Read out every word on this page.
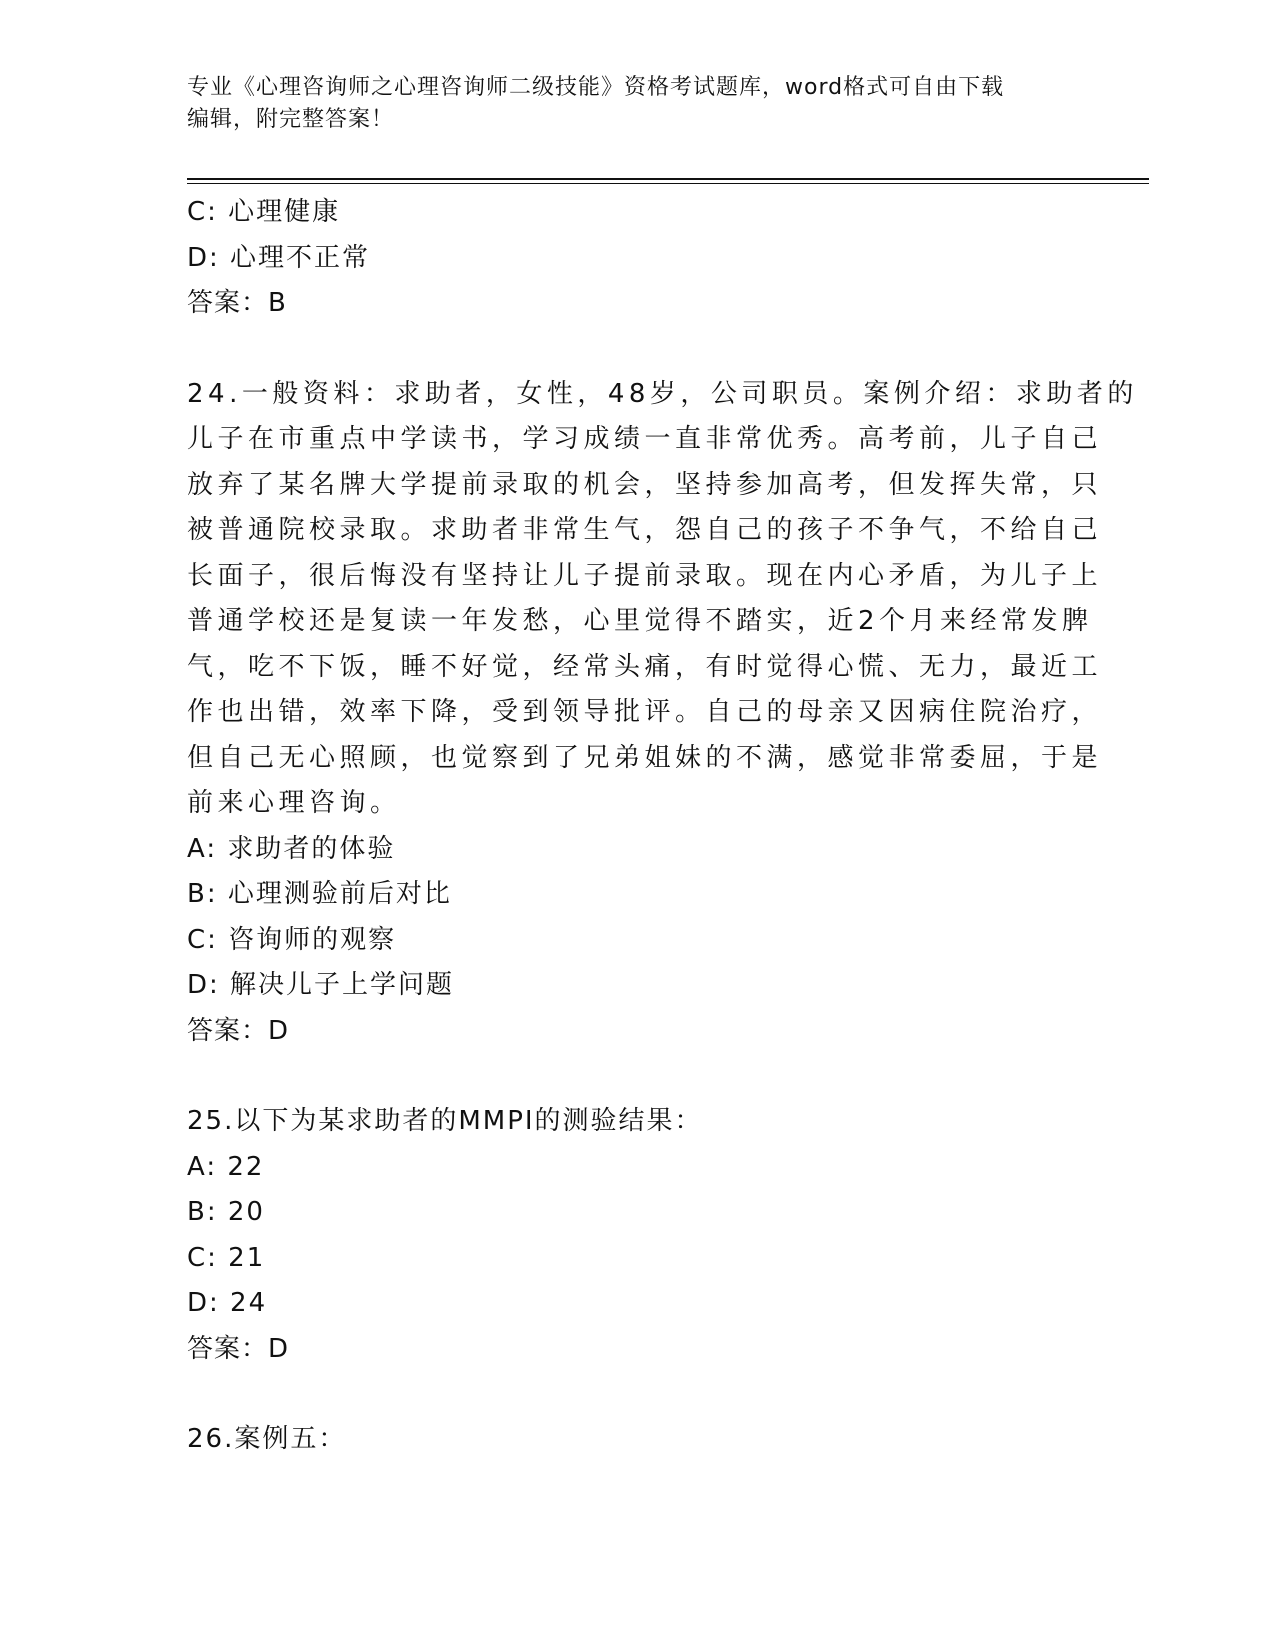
专业《心理咨询师之心理咨询师二级技能》资格考试题库，word格式可自由下载

编辑，附完整答案！

C: 心理健康

D: 心理不正常

答案：B

24.一般资料：求助者，女性，48岁，公司职员。案例介绍：求助者的

儿子在市重点中学读书，学习成绩一直非常优秀。高考前，儿子自己

放弃了某名牌大学提前录取的机会，坚持参加高考，但发挥失常，只

被普通院校录取。求助者非常生气，怨自己的孩子不争气，不给自己

长面子，很后悔没有坚持让儿子提前录取。现在内心矛盾，为儿子上

普通学校还是复读一年发愁，心里觉得不踏实，近2个月来经常发脾

气，吃不下饭，睡不好觉，经常头痛，有时觉得心慌、无力，最近工

作也出错，效率下降，受到领导批评。自己的母亲又因病住院治疗，

但自己无心照顾，也觉察到了兄弟姐妹的不满，感觉非常委屈，于是

前来心理咨询。

A: 求助者的体验

B: 心理测验前后对比

C: 咨询师的观察

D: 解决儿子上学问题

答案：D

25.以下为某求助者的MMPI的测验结果：

A: 22

B: 20

C: 21

D: 24

答案：D

26.案例五：
